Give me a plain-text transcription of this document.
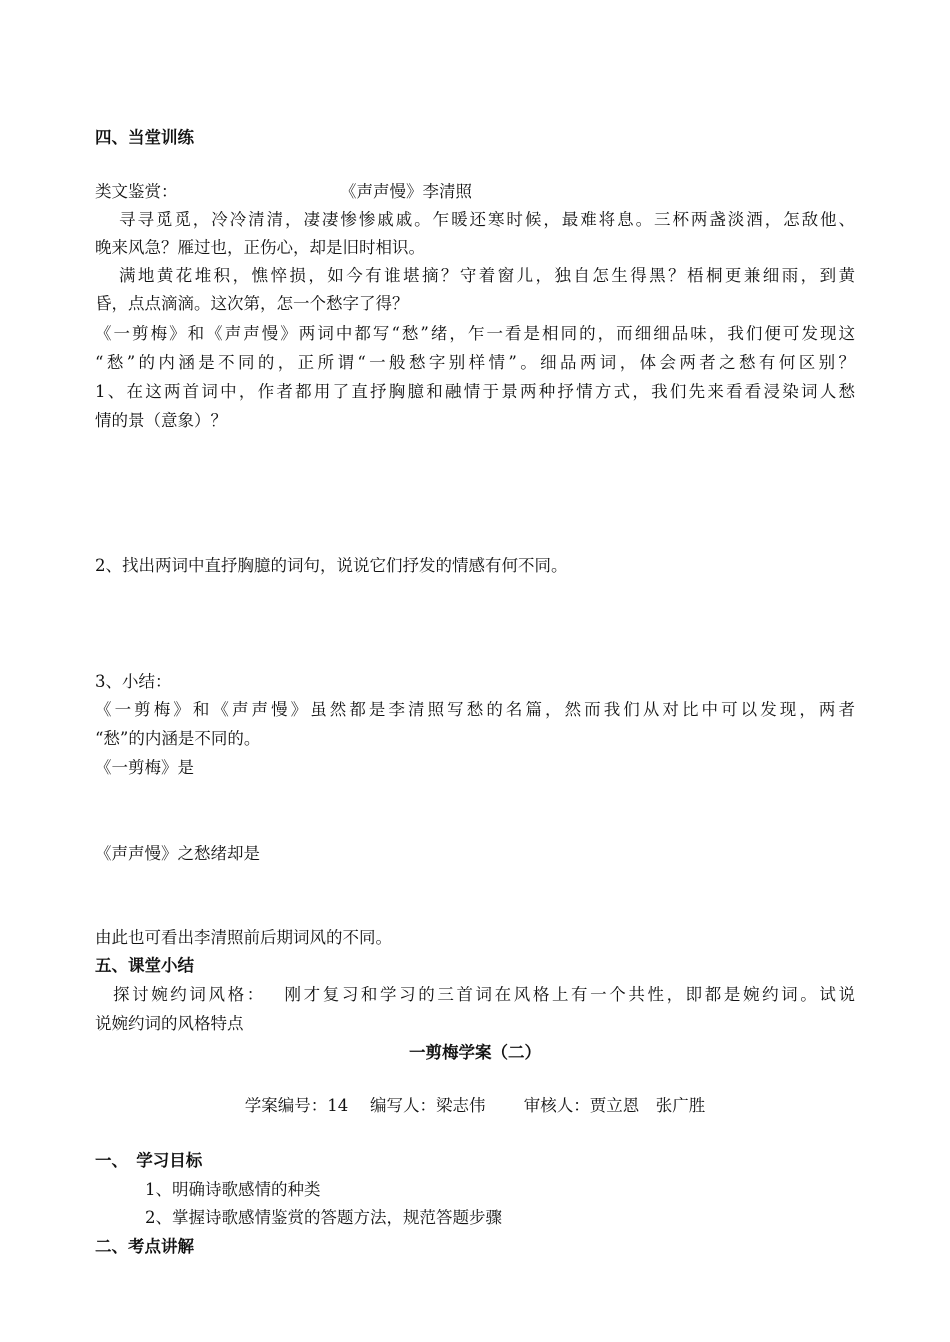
四、当堂训练
类文鉴赏：	《声声慢》李清照
寻寻觅觅，冷冷清清，凄凄惨惨戚戚。乍暖还寒时候，最难将息。三杯两盏淡酒，怎敌他、
晚来风急？雁过也，正伤心，却是旧时相识。
满地黄花堆积，憔悴损，如今有谁堪摘？守着窗儿，独自怎生得黑？梧桐更兼细雨，到黄
昏，点点滴滴。这次第，怎一个愁字了得？
《一剪梅》和《声声慢》两词中都写“愁”绪，乍一看是相同的，而细细品味，我们便可发现这
“愁”的内涵是不同的，正所谓“一般愁字别样情”。细品两词，体会两者之愁有何区别？
1、在这两首词中，作者都用了直抒胸臆和融情于景两种抒情方式，我们先来看看浸染词人愁
情的景（意象）？
2、找出两词中直抒胸臆的词句，说说它们抒发的情感有何不同。
3、小结：
《一剪梅》和《声声慢》虽然都是李清照写愁的名篇，然而我们从对比中可以发现，两者
“愁”的内涵是不同的。
《一剪梅》是
《声声慢》之愁绪却是
由此也可看出李清照前后期词风的不同。
五、课堂小结
探讨婉约词风格：　 刚才复习和学习的三首词在风格上有一个共性，即都是婉约词。试说
说婉约词的风格特点
一剪梅学案（二）
学案编号：14　 编写人：梁志伟　　 审核人：贾立恩　张广胜
一、　学习目标
1、明确诗歌感情的种类
2、掌握诗歌感情鉴赏的答题方法，规范答题步骤
二、考点讲解
